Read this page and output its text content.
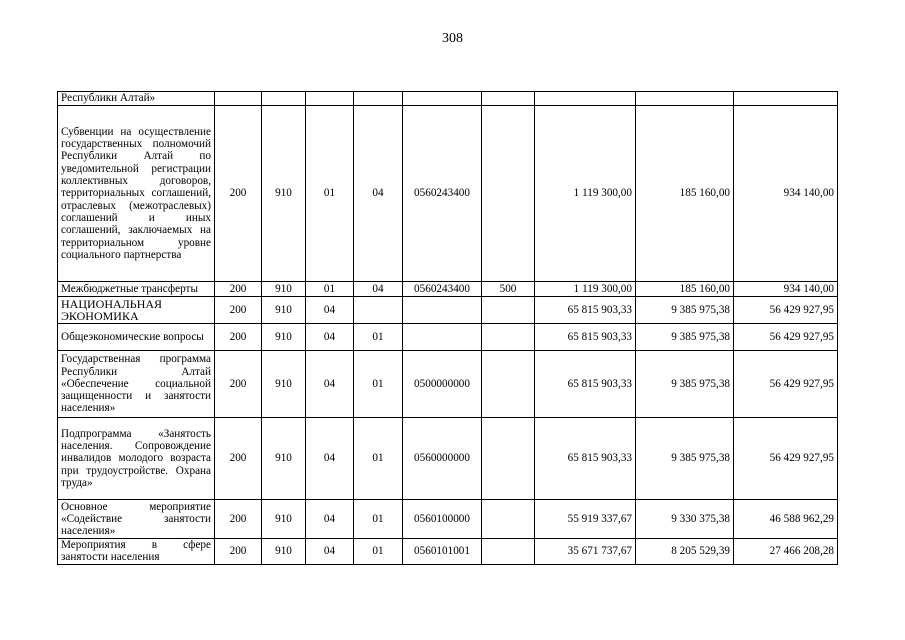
308
Республики Алтай»									
Субвенции на осуществление государственных полномочий Республики Алтай по уведомительной регистрации коллективных договоров, территориальных соглашений, отраслевых (межотраслевых) соглашений и иных соглашений, заключаемых на территориальном уровне социального партнерства	200	910	01	04	0560243400		1 119 300,00	185 160,00	934 140,00
Межбюджетные трансферты	200	910	01	04	0560243400	500	1 119 300,00	185 160,00	934 140,00
НАЦИОНАЛЬНАЯ ЭКОНОМИКА	200	910	04				65 815 903,33	9 385 975,38	56 429 927,95
Общеэкономические вопросы	200	910	04	01			65 815 903,33	9 385 975,38	56 429 927,95
Государственная программа Республики Алтай «Обеспечение социальной защищенности и занятости населения»	200	910	04	01	0500000000		65 815 903,33	9 385 975,38	56 429 927,95
Подпрограмма «Занятость населения. Сопровождение инвалидов молодого возраста при трудоустройстве. Охрана труда»	200	910	04	01	0560000000		65 815 903,33	9 385 975,38	56 429 927,95
Основное мероприятие «Содействие занятости населения»	200	910	04	01	0560100000		55 919 337,67	9 330 375,38	46 588 962,29
Мероприятия в сфере занятости населения	200	910	04	01	0560101001		35 671 737,67	8 205 529,39	27 466 208,28
